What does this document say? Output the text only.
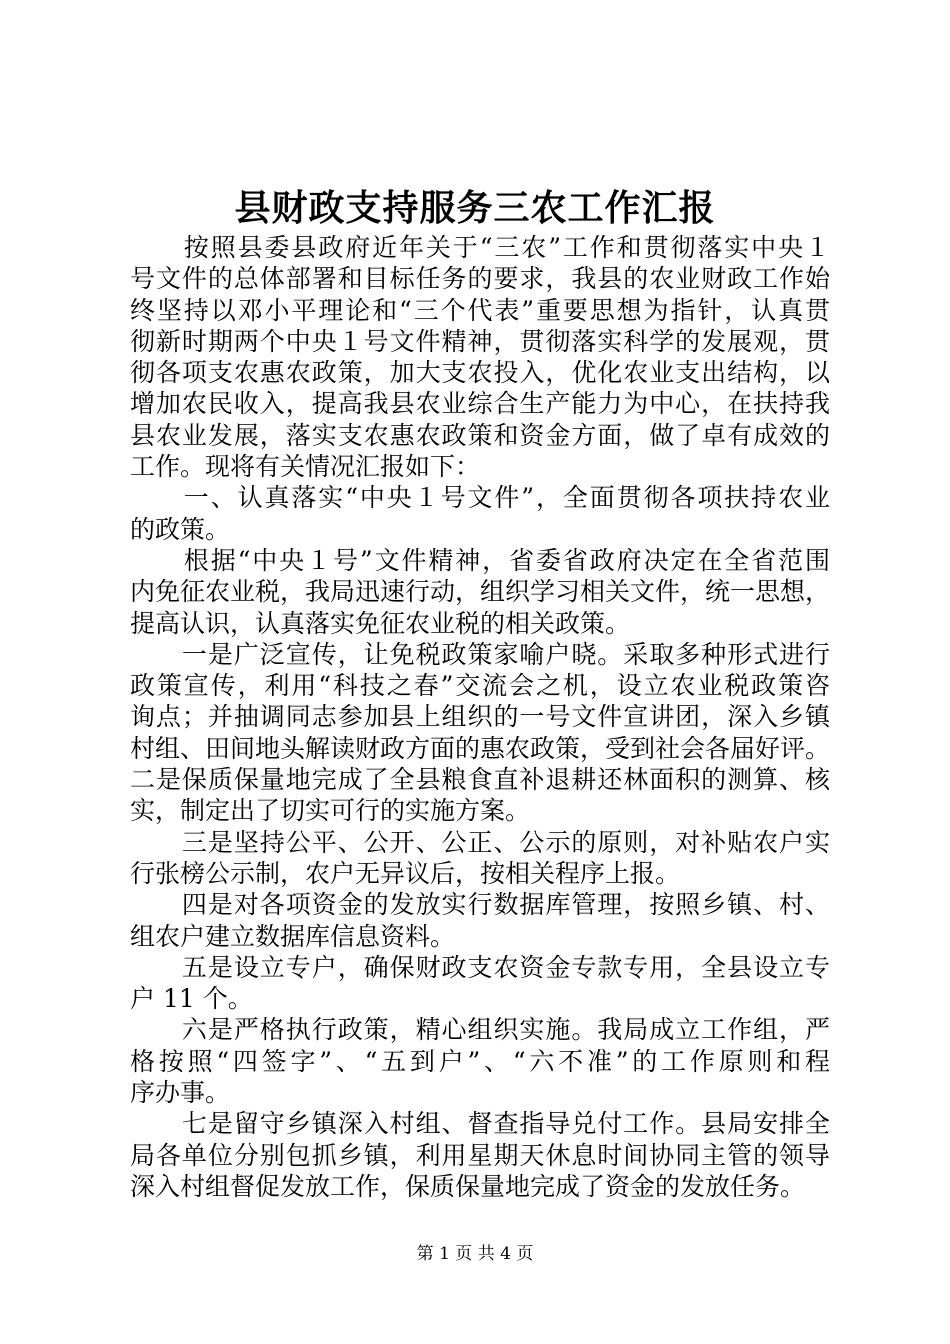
县财政支持服务三农工作汇报
　　按照县委县政府近年关于“三农”工作和贯彻落实中央１
号文件的总体部署和目标任务的要求，我县的农业财政工作始
终坚持以邓小平理论和“三个代表”重要思想为指针，认真贯
彻新时期两个中央１号文件精神，贯彻落实科学的发展观，贯
彻各项支农惠农政策，加大支农投入，优化农业支出结构，以
增加农民收入，提高我县农业综合生产能力为中心，在扶持我
县农业发展，落实支农惠农政策和资金方面，做了卓有成效的
工作。现将有关情况汇报如下：
　　一、认真落实“中央１号文件”，全面贯彻各项扶持农业
的政策。
　　根据“中央１号”文件精神，省委省政府决定在全省范围
内免征农业税，我局迅速行动，组织学习相关文件，统一思想，
提高认识，认真落实免征农业税的相关政策。
　　一是广泛宣传，让免税政策家喻户晓。采取多种形式进行
政策宣传，利用“科技之春”交流会之机，设立农业税政策咨
询点；并抽调同志参加县上组织的一号文件宣讲团，深入乡镇
村组、田间地头解读财政方面的惠农政策，受到社会各届好评。
二是保质保量地完成了全县粮食直补退耕还林面积的测算、核
实，制定出了切实可行的实施方案。
　　三是坚持公平、公开、公正、公示的原则，对补贴农户实
行张榜公示制，农户无异议后，按相关程序上报。
　　四是对各项资金的发放实行数据库管理，按照乡镇、村、
组农户建立数据库信息资料。
　　五是设立专户，确保财政支农资金专款专用，全县设立专
户 11 个。
　　六是严格执行政策，精心组织实施。我局成立工作组，严
格按照“四签字”、“五到户”、“六不准”的工作原则和程
序办事。
　　七是留守乡镇深入村组、督查指导兑付工作。县局安排全
局各单位分别包抓乡镇，利用星期天休息时间协同主管的领导
深入村组督促发放工作，保质保量地完成了资金的发放任务。
第 1 页 共 4 页
